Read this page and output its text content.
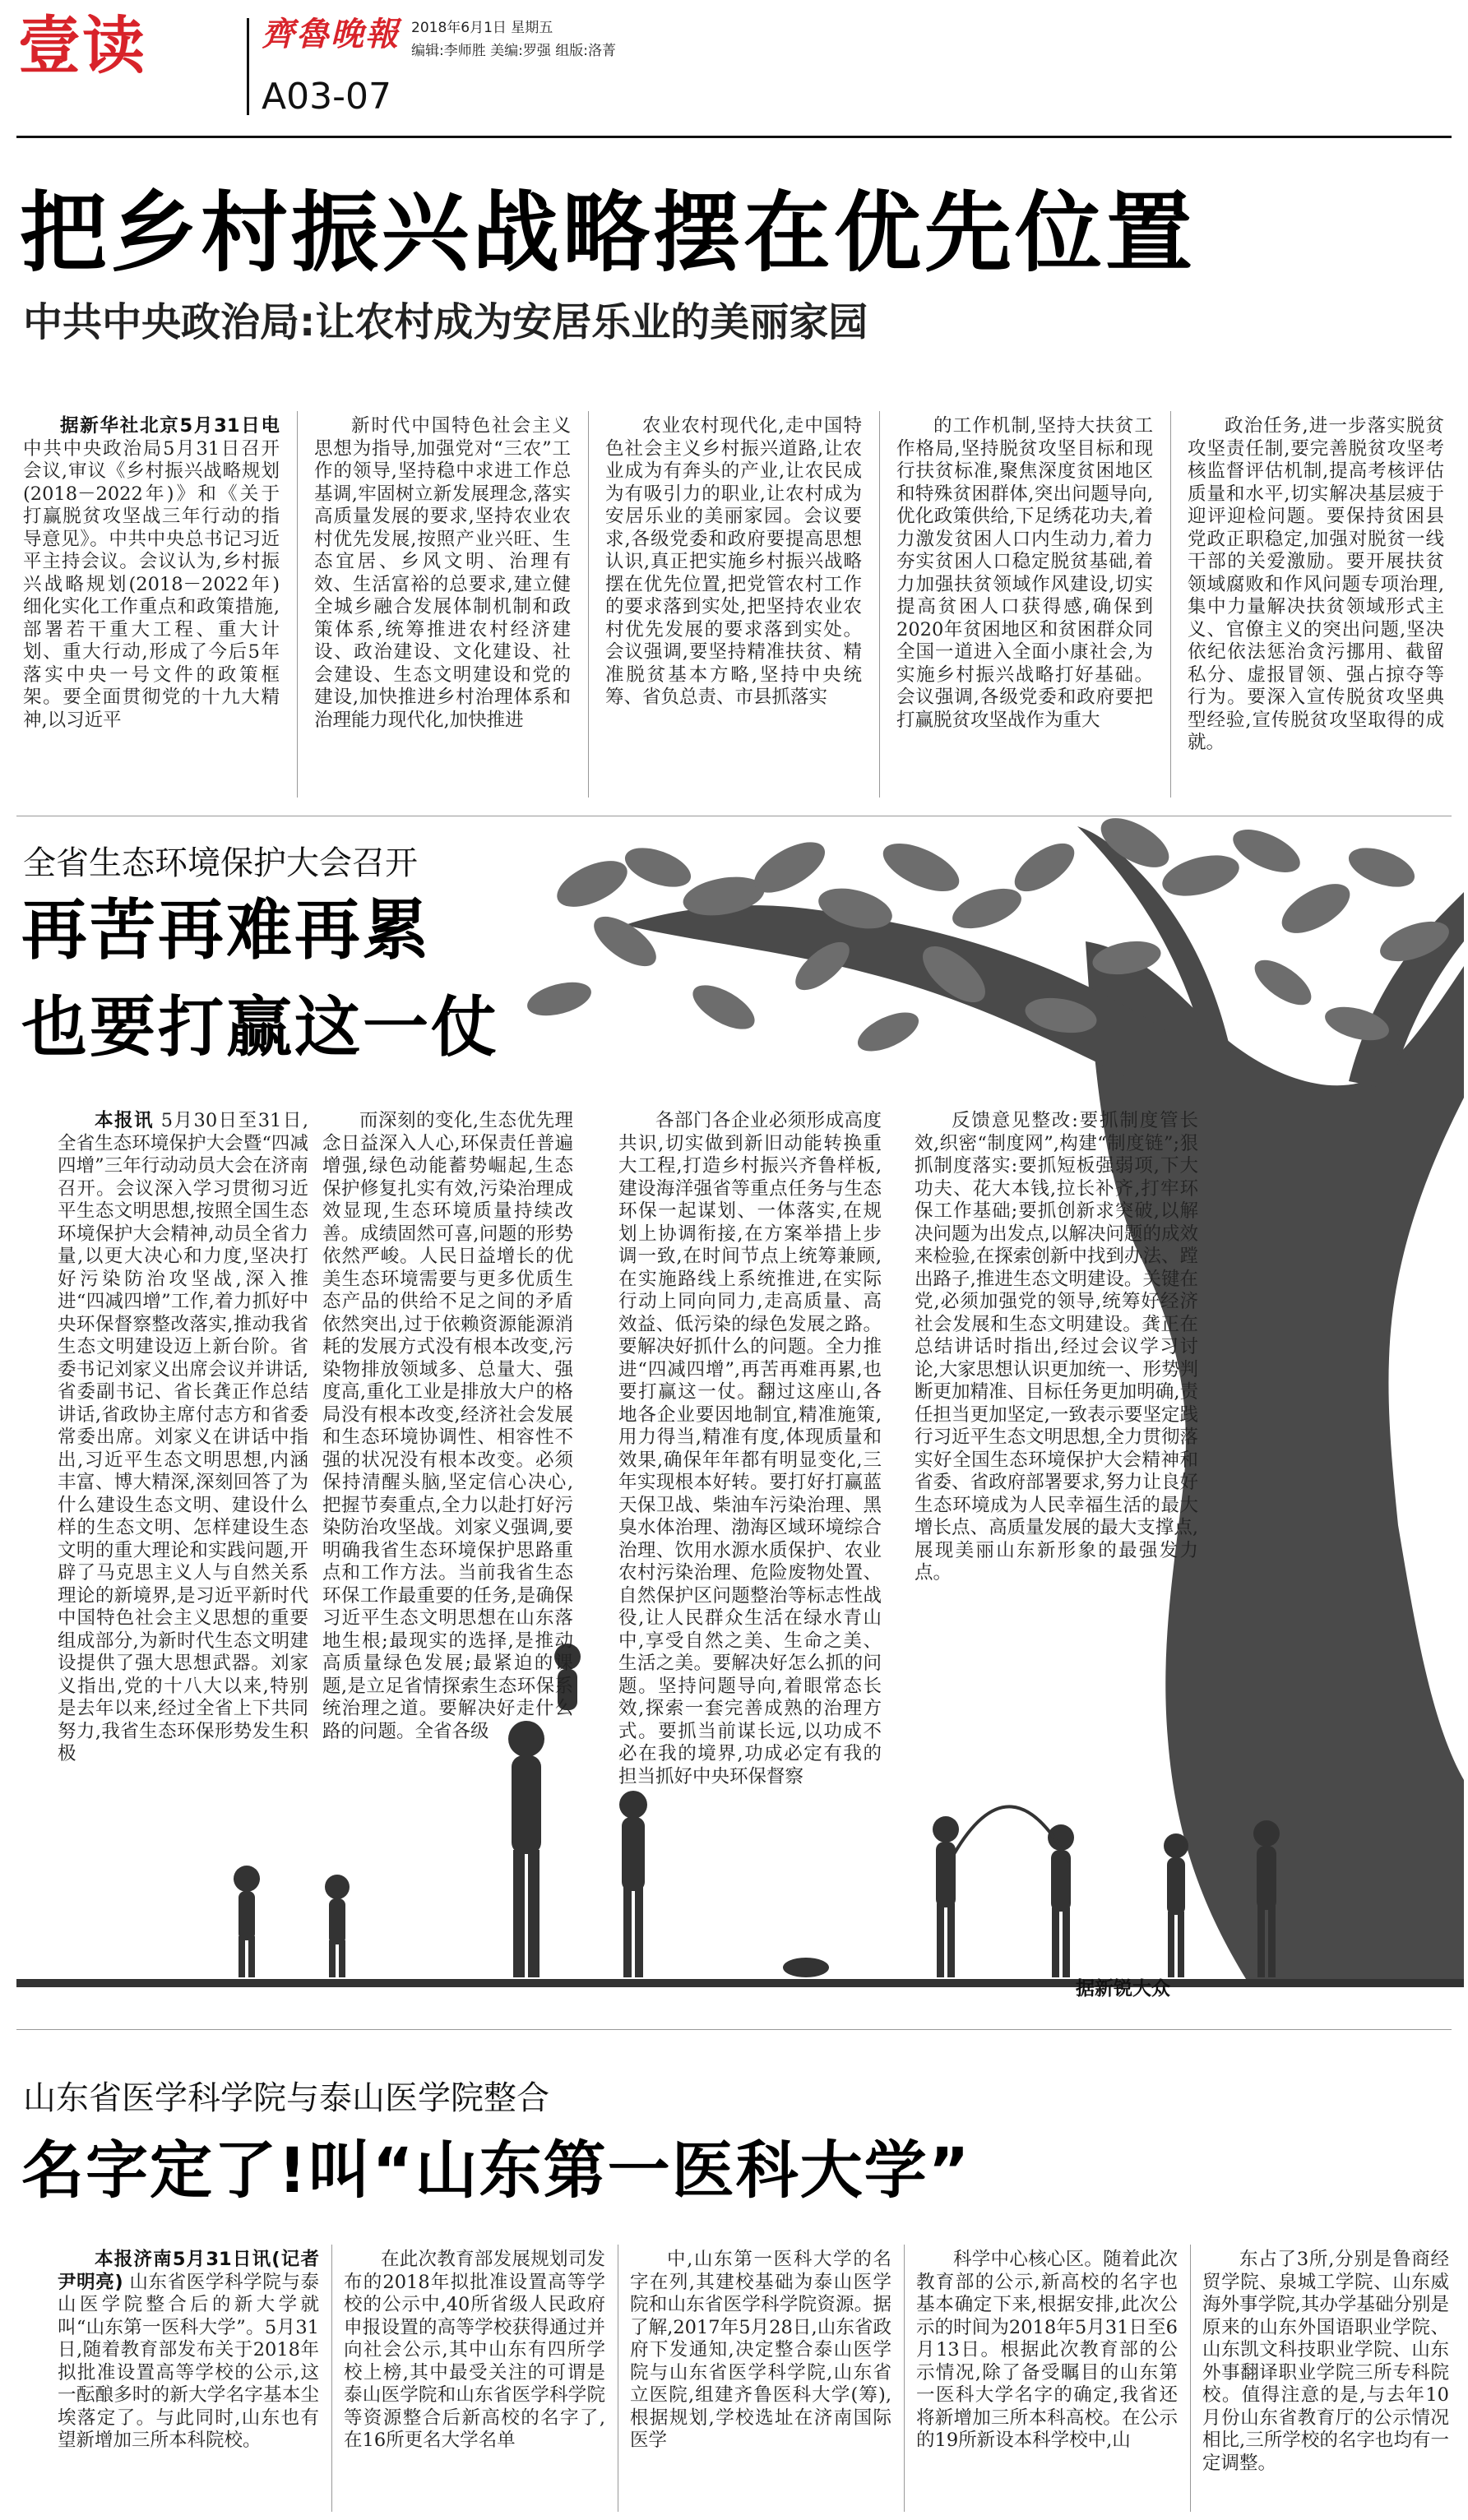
壹读	齊魯晚報 2018年6月1日 星期五
编辑:李师胜 美编:罗强 组版:洛菁
A03-07
把乡村振兴战略摆在优先位置
中共中央政治局:让农村成为安居乐业的美丽家园

据新华社北京5月31日电 中共中央政治局5月31日召开会议,审议《乡村振兴战略规划(2018－2022年)》和《关于打赢脱贫攻坚战三年行动的指导意见》。中共中央总书记习近平主持会议。会议认为,乡村振兴战略规划(2018－2022年)细化实化工作重点和政策措施,部署若干重大工程、重大计划、重大行动,形成了今后5年落实中央一号文件的政策框架。要全面贯彻党的十九大精神,以习近平

新时代中国特色社会主义思想为指导,加强党对“三农”工作的领导,坚持稳中求进工作总基调,牢固树立新发展理念,落实高质量发展的要求,坚持农业农村优先发展,按照产业兴旺、生态宜居、乡风文明、治理有效、生活富裕的总要求,建立健全城乡融合发展体制机制和政策体系,统筹推进农村经济建设、政治建设、文化建设、社会建设、生态文明建设和党的建设,加快推进乡村治理体系和治理能力现代化,加快推进

农业农村现代化,走中国特色社会主义乡村振兴道路,让农业成为有奔头的产业,让农民成为有吸引力的职业,让农村成为安居乐业的美丽家园。会议要求,各级党委和政府要提高思想认识,真正把实施乡村振兴战略摆在优先位置,把党管农村工作的要求落到实处,把坚持农业农村优先发展的要求落到实处。会议强调,要坚持精准扶贫、精准脱贫基本方略,坚持中央统筹、省负总责、市县抓落实

的工作机制,坚持大扶贫工作格局,坚持脱贫攻坚目标和现行扶贫标准,聚焦深度贫困地区和特殊贫困群体,突出问题导向,优化政策供给,下足绣花功夫,着力激发贫困人口内生动力,着力夯实贫困人口稳定脱贫基础,着力加强扶贫领域作风建设,切实提高贫困人口获得感,确保到2020年贫困地区和贫困群众同全国一道进入全面小康社会,为实施乡村振兴战略打好基础。会议强调,各级党委和政府要把打赢脱贫攻坚战作为重大

政治任务,进一步落实脱贫攻坚责任制,要完善脱贫攻坚考核监督评估机制,提高考核评估质量和水平,切实解决基层疲于迎评迎检问题。要保持贫困县党政正职稳定,加强对脱贫一线干部的关爱激励。要开展扶贫领域腐败和作风问题专项治理,集中力量解决扶贫领域形式主义、官僚主义的突出问题,坚决依纪依法惩治贪污挪用、截留私分、虚报冒领、强占掠夺等行为。要深入宣传脱贫攻坚典型经验,宣传脱贫攻坚取得的成就。

全省生态环境保护大会召开
再苦再难再累
也要打赢这一仗

本报讯 5月30日至31日,全省生态环境保护大会暨“四减四增”三年行动动员大会在济南召开。会议深入学习贯彻习近平生态文明思想,按照全国生态环境保护大会精神,动员全省力量,以更大决心和力度,坚决打好污染防治攻坚战,深入推进“四减四增”工作,着力抓好中央环保督察整改落实,推动我省生态文明建设迈上新台阶。省委书记刘家义出席会议并讲话,省委副书记、省长龚正作总结讲话,省政协主席付志方和省委常委出席。刘家义在讲话中指出,习近平生态文明思想,内涵丰富、博大精深,深刻回答了为什么建设生态文明、建设什么样的生态文明、怎样建设生态文明的重大理论和实践问题,开辟了马克思主义人与自然关系理论的新境界,是习近平新时代中国特色社会主义思想的重要组成部分,为新时代生态文明建设提供了强大思想武器。刘家义指出,党的十八大以来,特别是去年以来,经过全省上下共同努力,我省生态环保形势发生积极

而深刻的变化,生态优先理念日益深入人心,环保责任普遍增强,绿色动能蓄势崛起,生态保护修复扎实有效,污染治理成效显现,生态环境质量持续改善。成绩固然可喜,问题的形势依然严峻。人民日益增长的优美生态环境需要与更多优质生态产品的供给不足之间的矛盾依然突出,过于依赖资源能源消耗的发展方式没有根本改变,污染物排放领域多、总量大、强度高,重化工业是排放大户的格局没有根本改变,经济社会发展和生态环境协调性、相容性不强的状况没有根本改变。必须保持清醒头脑,坚定信心决心,把握节奏重点,全力以赴打好污染防治攻坚战。刘家义强调,要明确我省生态环境保护思路重点和工作方法。当前我省生态环保工作最重要的任务,是确保习近平生态文明思想在山东落地生根;最现实的选择,是推动高质量绿色发展;最紧迫的课题,是立足省情探索生态环保系统治理之道。要解决好走什么路的问题。全省各级

各部门各企业必须形成高度共识,切实做到新旧动能转换重大工程,打造乡村振兴齐鲁样板,建设海洋强省等重点任务与生态环保一起谋划、一体落实,在规划上协调衔接,在方案举措上步调一致,在时间节点上统筹兼顾,在实施路线上系统推进,在实际行动上同向同力,走高质量、高效益、低污染的绿色发展之路。要解决好抓什么的问题。全力推进“四减四增”,再苦再难再累,也要打赢这一仗。翻过这座山,各地各企业要因地制宜,精准施策,用力得当,精准有度,体现质量和效果,确保年年都有明显变化,三年实现根本好转。要打好打赢蓝天保卫战、柴油车污染治理、黑臭水体治理、渤海区域环境综合治理、饮用水源水质保护、农业农村污染治理、危险废物处置、自然保护区问题整治等标志性战役,让人民群众生活在绿水青山中,享受自然之美、生命之美、生活之美。要解决好怎么抓的问题。坚持问题导向,着眼常态长效,探索一套完善成熟的治理方式。要抓当前谋长远,以功成不必在我的境界,功成必定有我的担当抓好中央环保督察

反馈意见整改:要抓制度管长效,织密“制度网”,构建“制度链”;狠抓制度落实:要抓短板强弱项,下大功夫、花大本钱,拉长补齐,打牢环保工作基础;要抓创新求突破,以解决问题为出发点,以解决问题的成效来检验,在探索创新中找到办法、蹚出路子,推进生态文明建设。关键在党,必须加强党的领导,统筹好经济社会发展和生态文明建设。龚正在总结讲话时指出,经过会议学习讨论,大家思想认识更加统一、形势判断更加精准、目标任务更加明确,责任担当更加坚定,一致表示要坚定践行习近平生态文明思想,全力贯彻落实好全国生态环境保护大会精神和省委、省政府部署要求,努力让良好生态环境成为人民幸福生活的最大增长点、高质量发展的最大支撑点,展现美丽山东新形象的最强发力点。

据新锐大众
山东省医学科学院与泰山医学院整合
名字定了!叫“山东第一医科大学”

本报济南5月31日讯(记者 尹明亮) 山东省医学科学院与泰山医学院整合后的新大学就叫“山东第一医科大学”。5月31日,随着教育部发布关于2018年拟批准设置高等学校的公示,这一酝酿多时的新大学名字基本尘埃落定了。与此同时,山东也有望新增加三所本科院校。

在此次教育部发展规划司发布的2018年拟批准设置高等学校的公示中,40所省级人民政府申报设置的高等学校获得通过并向社会公示,其中山东有四所学校上榜,其中最受关注的可谓是泰山医学院和山东省医学科学院等资源整合后新高校的名字了,在16所更名大学名单

中,山东第一医科大学的名字在列,其建校基础为泰山医学院和山东省医学科学院资源。据了解,2017年5月28日,山东省政府下发通知,决定整合泰山医学院与山东省医学科学院,山东省立医院,组建齐鲁医科大学(筹),根据规划,学校选址在济南国际医学

科学中心核心区。随着此次教育部的公示,新高校的名字也基本确定下来,根据安排,此次公示的时间为2018年5月31日至6月13日。根据此次教育部的公示情况,除了备受瞩目的山东第一医科大学名字的确定,我省还将新增加三所本科高校。在公示的19所新设本科学校中,山

东占了3所,分别是鲁商经贸学院、泉城工学院、山东威海外事学院,其办学基础分别是原来的山东外国语职业学院、山东凯文科技职业学院、山东外事翻译职业学院三所专科院校。值得注意的是,与去年10月份山东省教育厅的公示情况相比,三所学校的名字也均有一定调整。
